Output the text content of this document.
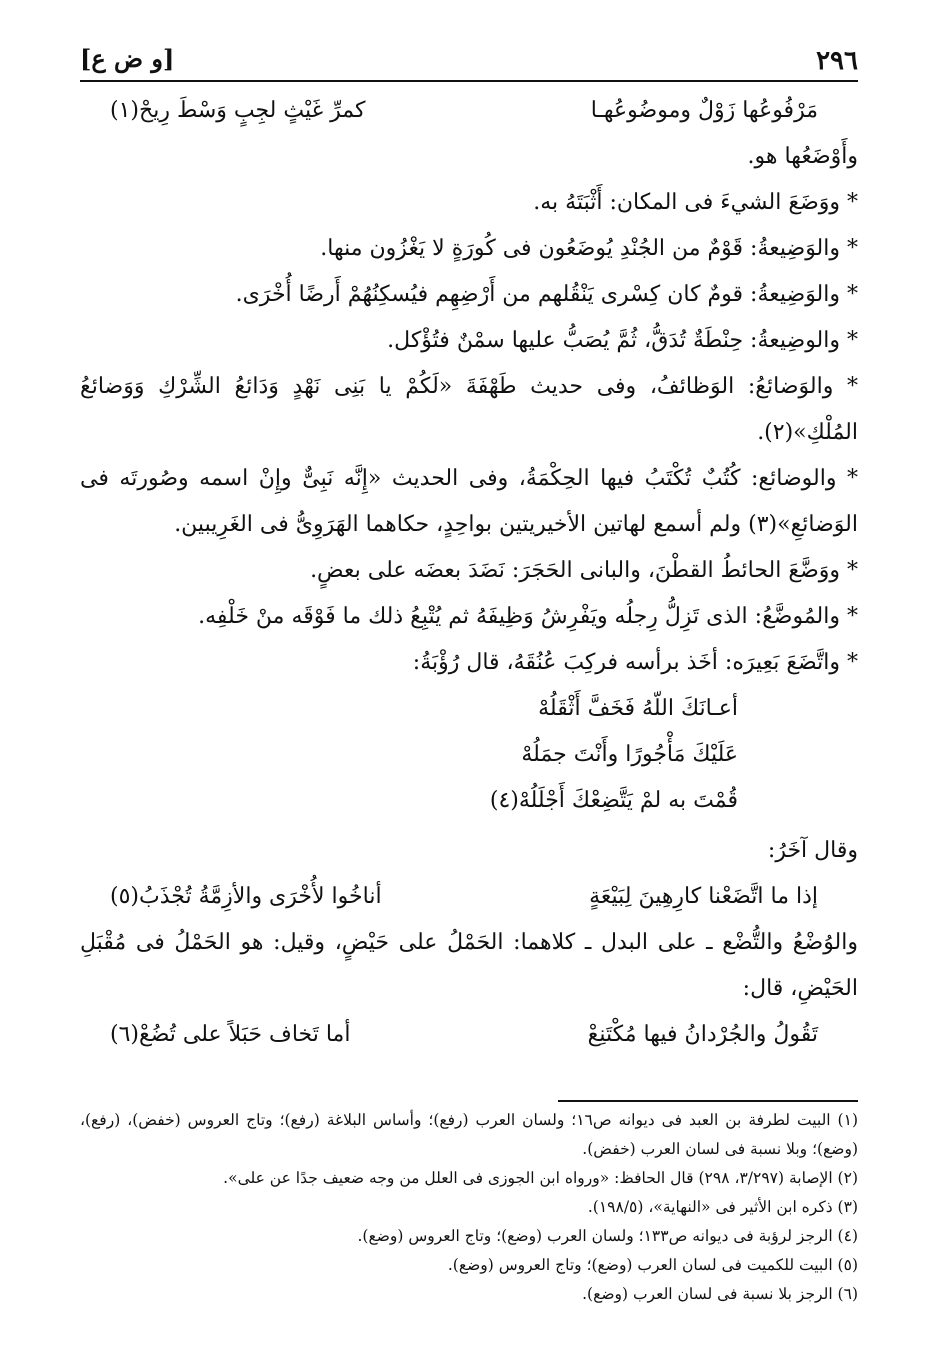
٢٩٦
[و ض ع]
مَرْفُوعُها زَوْلٌ وموضُوعُهـا
كمرِّ غَيْثٍ لجِبٍ وَسْطَ رِيحْ(١)

وأَوْضَعُها هو.

* ووَضَعَ الشيءَ فى المكان: أَثْبَتَهُ به.

* والوَضِيعةُ: قَوْمٌ من الجُنْدِ يُوضَعُون فى كُورَةٍ لا يَغْزُون منها.

* والوَضِيعةُ: قومٌ كان كِسْرى يَنْقُلهم من أَرْضِهِم فيُسكِنُهُمْ أَرضًا أُخْرَى.

* والوضِيعةُ: حِنْطَةٌ تُدَقُّ، ثُمَّ يُصَبُّ عليها سمْنٌ فتُؤْكل.

* والوَضائعُ: الوَظائفُ، وفى حديث طَهْفَةَ «لَكُمْ يا بَنِى نَهْدٍ وَدَائعُ الشِّرْكِ وَوَضائعُ المُلْكِ»(٢).

* والوضائع: كُتُبٌ تُكْتَبُ فيها الحِكْمَةُ، وفى الحديث «إِنَّه نَبِىٌّ وإِنْ اسمه وصُورتَه فى الوَضائعِ»(٣) ولم أسمع لهاتين الأخيريتين بواحِدٍ، حكاهما الهَرَوِىُّ فى الغَرِيبين.

* ووَضَّعَ الحائطُ القطْنَ، والبانى الحَجَرَ: نَضَدَ بعضَه على بعضٍ.

* والمُوضَّعُ: الذى تَزِلُّ رِجلُه ويَفْرِشُ وَظِيفَهُ ثم يُتْبِعُ ذلك ما فَوْقَه منْ خَلْفِه.

* واتَّضَعَ بَعِيرَه: أخَذ برأسه فركِبَ عُنُقَهُ، قال رُؤْبَةُ:

أعـانَكَ اللّهُ فَخَفَّ أَثْقَلُهْ
عَلَيْكَ مَأْجُورًا وأَنْتَ جمَلُهْ
قُمْتَ به لمْ يَتَّضِعْكَ أَجْلَلُهْ(٤)

وقال آخَرُ:

إذا ما اتَّضَعْنا كارِهِينَ لِبَيْعَةٍ
أناخُوا لأُخْرَى والأزِمَّةُ تُجْذَبُ(٥)

والوُضْعُ والتُّضْع ـ على البدل ـ كلاهما: الحَمْلُ على حَيْضٍ، وقيل: هو الحَمْلُ فى مُقْبَلِ الحَيْضِ، قال:

تَقُولُ والجُرْدانُ فيها مُكْتَنِعْ
أما تَخاف حَبَلاً على تُضُعْ(٦)

(١) البيت لطرفة بن العبد فى ديوانه ص١٦؛ ولسان العرب (رفع)؛ وأساس البلاغة (رفع)؛ وتاج العروس (خفض)، (رفع)، (وضع)؛ وبلا نسبة فى لسان العرب (خفض).

(٢) الإصابة (٣/٢٩٧، ٢٩٨) قال الحافظ: «ورواه ابن الجوزى فى العلل من وجه ضعيف جدًا عن على».

(٣) ذكره ابن الأثير فى «النهاية»، (١٩٨/٥).

(٤) الرجز لرؤبة فى ديوانه ص١٣٣؛ ولسان العرب (وضع)؛ وتاج العروس (وضع).

(٥) البيت للكميت فى لسان العرب (وضع)؛ وتاج العروس (وضع).

(٦) الرجز بلا نسبة فى لسان العرب (وضع).
